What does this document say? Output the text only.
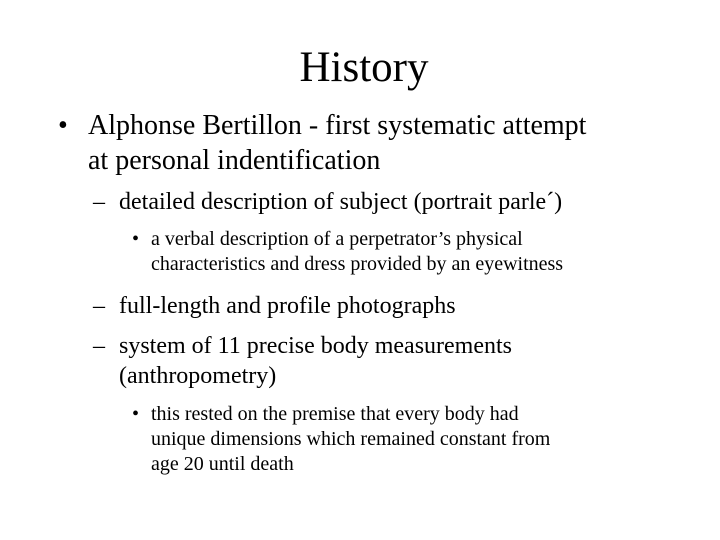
History
• Alphonse Bertillon - first systematic attempt
at personal indentification
– detailed description of subject (portrait parle´)
• a verbal description of a perpetrator’s physical
characteristics and dress provided by an eyewitness
– full-length and profile photographs
– system of 11 precise body measurements
(anthropometry)
• this rested on the premise that every body had
unique dimensions which remained constant from
age 20 until death
